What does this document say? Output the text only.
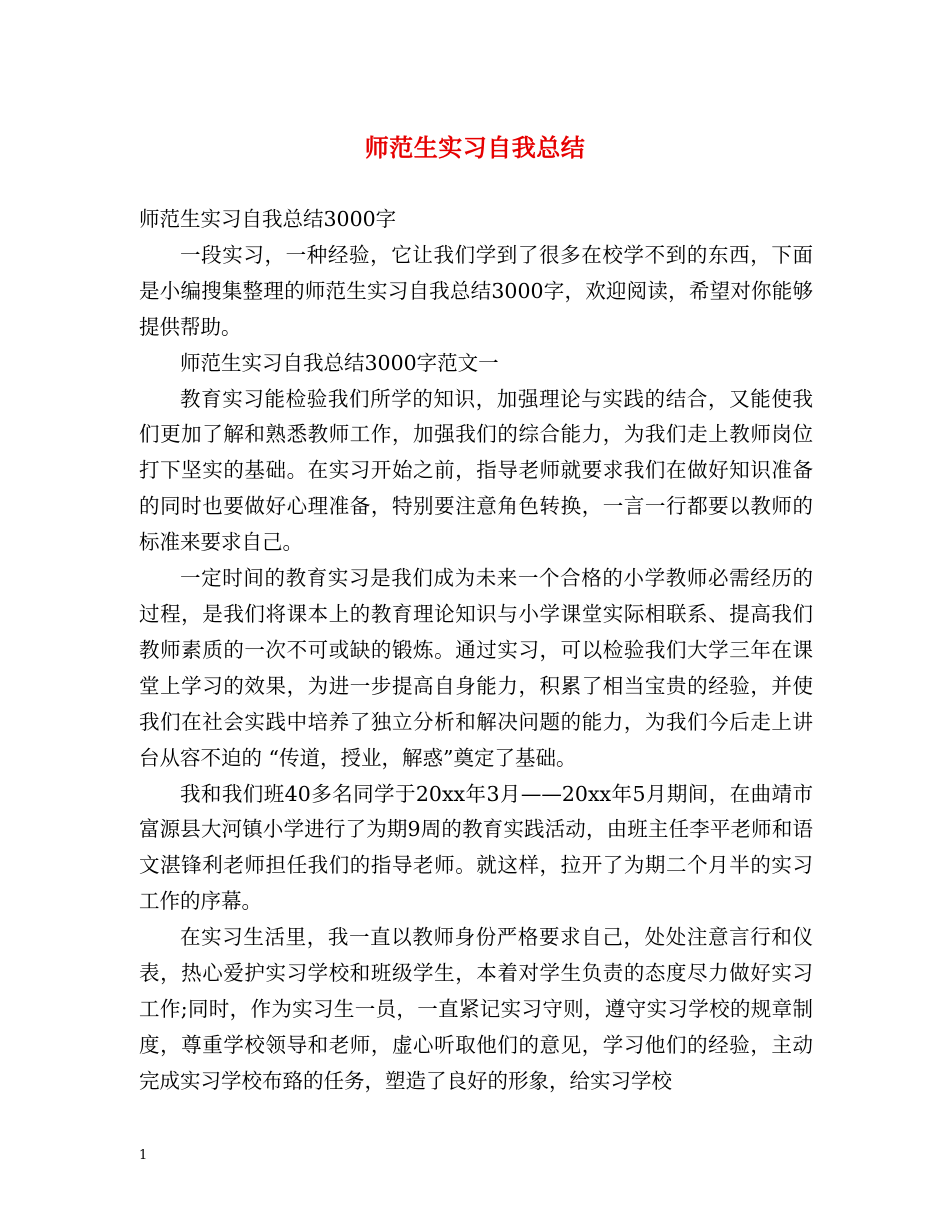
师范生实习自我总结

师范生实习自我总结3000字

一段实习，一种经验，它让我们学到了很多在校学不到的东西，下面是小编搜集整理的师范生实习自我总结3000字，欢迎阅读，希望对你能够提供帮助。

师范生实习自我总结3000字范文一

教育实习能检验我们所学的知识，加强理论与实践的结合，又能使我们更加了解和熟悉教师工作，加强我们的综合能力，为我们走上教师岗位打下坚实的基础。在实习开始之前，指导老师就要求我们在做好知识准备的同时也要做好心理准备，特别要注意角色转换，一言一行都要以教师的标准来要求自己。

一定时间的教育实习是我们成为未来一个合格的小学教师必需经历的过程，是我们将课本上的教育理论知识与小学课堂实际相联系、提高我们教师素质的一次不可或缺的锻炼。通过实习，可以检验我们大学三年在课堂上学习的效果，为进一步提高自身能力，积累了相当宝贵的经验，并使我们在社会实践中培养了独立分析和解决问题的能力，为我们今后走上讲台从容不迫的 “传道，授业，解惑”奠定了基础。

我和我们班40多名同学于20xx年3月——20xx年5月期间，在曲靖市富源县大河镇小学进行了为期9周的教育实践活动，由班主任李平老师和语文湛锋利老师担任我们的指导老师。就这样，拉开了为期二个月半的实习工作的序幕。

在实习生活里，我一直以教师身份严格要求自己，处处注意言行和仪表，热心爱护实习学校和班级学生，本着对学生负责的态度尽力做好实习工作;同时，作为实习生一员，一直紧记实习守则，遵守实习学校的规章制度，尊重学校领导和老师，虚心听取他们的意见，学习他们的经验，主动完成实习学校布臵的任务，塑造了良好的形象，给实习学校

1
